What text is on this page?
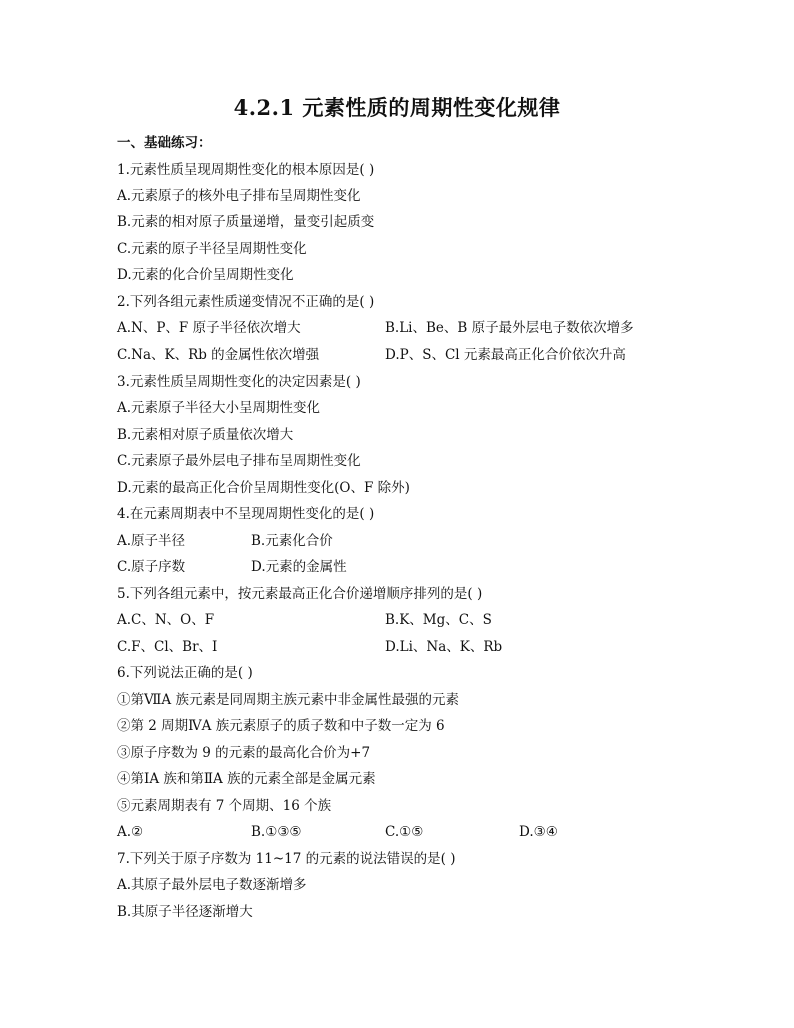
4.2.1 元素性质的周期性变化规律
一、基础练习：
1.元素性质呈现周期性变化的根本原因是( )
A.元素原子的核外电子排布呈周期性变化
B.元素的相对原子质量递增，量变引起质变
C.元素的原子半径呈周期性变化
D.元素的化合价呈周期性变化
2.下列各组元素性质递变情况不正确的是( )
A.N、P、F 原子半径依次增大	B.Li、Be、B 原子最外层电子数依次增多
C.Na、K、Rb 的金属性依次增强	D.P、S、Cl 元素最高正化合价依次升高
3.元素性质呈周期性变化的决定因素是( )
A.元素原子半径大小呈周期性变化
B.元素相对原子质量依次增大
C.元素原子最外层电子排布呈周期性变化
D.元素的最高正化合价呈周期性变化(O、F 除外)
4.在元素周期表中不呈现周期性变化的是( )
A.原子半径	B.元素化合价
C.原子序数	D.元素的金属性
5.下列各组元素中，按元素最高正化合价递增顺序排列的是( )
A.C、N、O、F	B.K、Mg、C、S
C.F、Cl、Br、I	D.Li、Na、K、Rb
6.下列说法正确的是( )
①第ⅦA 族元素是同周期主族元素中非金属性最强的元素
②第 2 周期ⅣA 族元素原子的质子数和中子数一定为 6
③原子序数为 9 的元素的最高化合价为+7
④第ⅠA 族和第ⅡA 族的元素全部是金属元素
⑤元素周期表有 7 个周期、16 个族
A.②	B.①③⑤	C.①⑤	D.③④
7.下列关于原子序数为 11~17 的元素的说法错误的是( )
A.其原子最外层电子数逐渐增多
B.其原子半径逐渐增大
